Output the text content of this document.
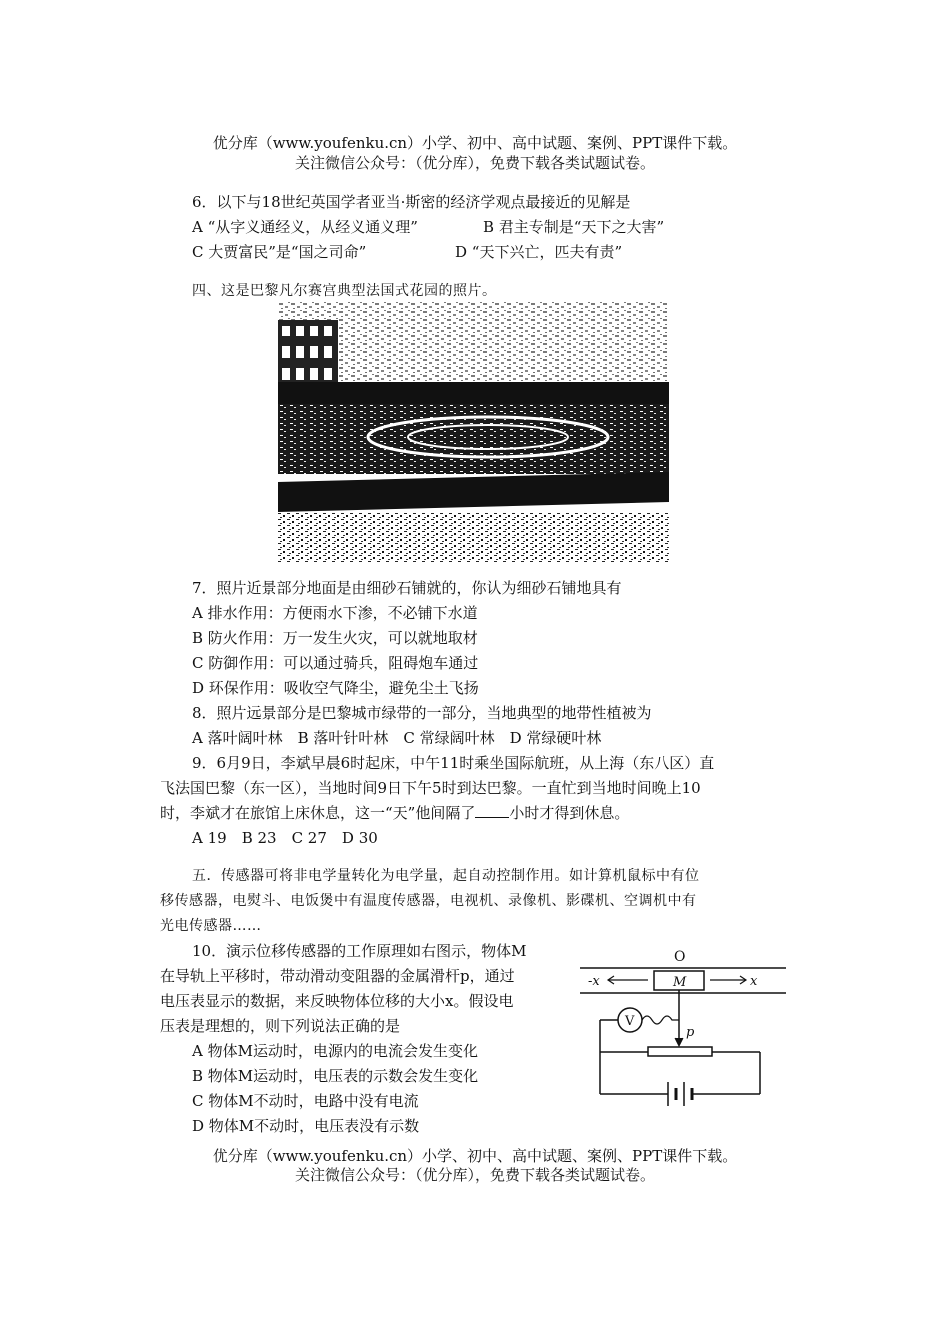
优分库（www.youfenku.cn）小学、初中、高中试题、案例、PPT课件下载。
关注微信公众号：（优分库），免费下载各类试题试卷。
6．以下与18世纪英国学者亚当·斯密的经济学观点最接近的见解是
A “从字义通经义，从经义通义理”	B 君主专制是“天下之大害”
C 大贾富民”是“国之司命”	D “天下兴亡，匹夫有责”
四、这是巴黎凡尔赛宫典型法国式花园的照片。
7．照片近景部分地面是由细砂石铺就的，你认为细砂石铺地具有
A 排水作用：方便雨水下渗，不必铺下水道
B 防火作用：万一发生火灾，可以就地取材
C 防御作用：可以通过骑兵，阻碍炮车通过
D 环保作用：吸收空气降尘，避免尘土飞扬
8．照片远景部分是巴黎城市绿带的一部分，当地典型的地带性植被为
A 落叶阔叶林　B 落叶针叶林　C 常绿阔叶林　D 常绿硬叶林
9．6月9日，李斌早晨6时起床，中午11时乘坐国际航班，从上海（东八区）直
飞法国巴黎（东一区），当地时间9日下午5时到达巴黎。一直忙到当地时间晚上10
时，李斌才在旅馆上床休息，这一“天”他间隔了 小时才得到休息。
A 19　B 23　C 27　D 30
五．传感器可将非电学量转化为电学量，起自动控制作用。如计算机鼠标中有位
移传感器，电熨斗、电饭煲中有温度传感器，电视机、录像机、影碟机、空调机中有
光电传感器……
10．演示位移传感器的工作原理如右图示，物体M
在导轨上平移时，带动滑动变阻器的金属滑杆p，通过
电压表显示的数据，来反映物体位移的大小x。假设电
压表是理想的，则下列说法正确的是
A 物体M运动时，电源内的电流会发生变化
B 物体M运动时，电压表的示数会发生变化
C 物体M不动时，电路中没有电流
D 物体M不动时，电压表没有示数
O
M
-x	x
p
V
优分库（www.youfenku.cn）小学、初中、高中试题、案例、PPT课件下载。
关注微信公众号：（优分库），免费下载各类试题试卷。
